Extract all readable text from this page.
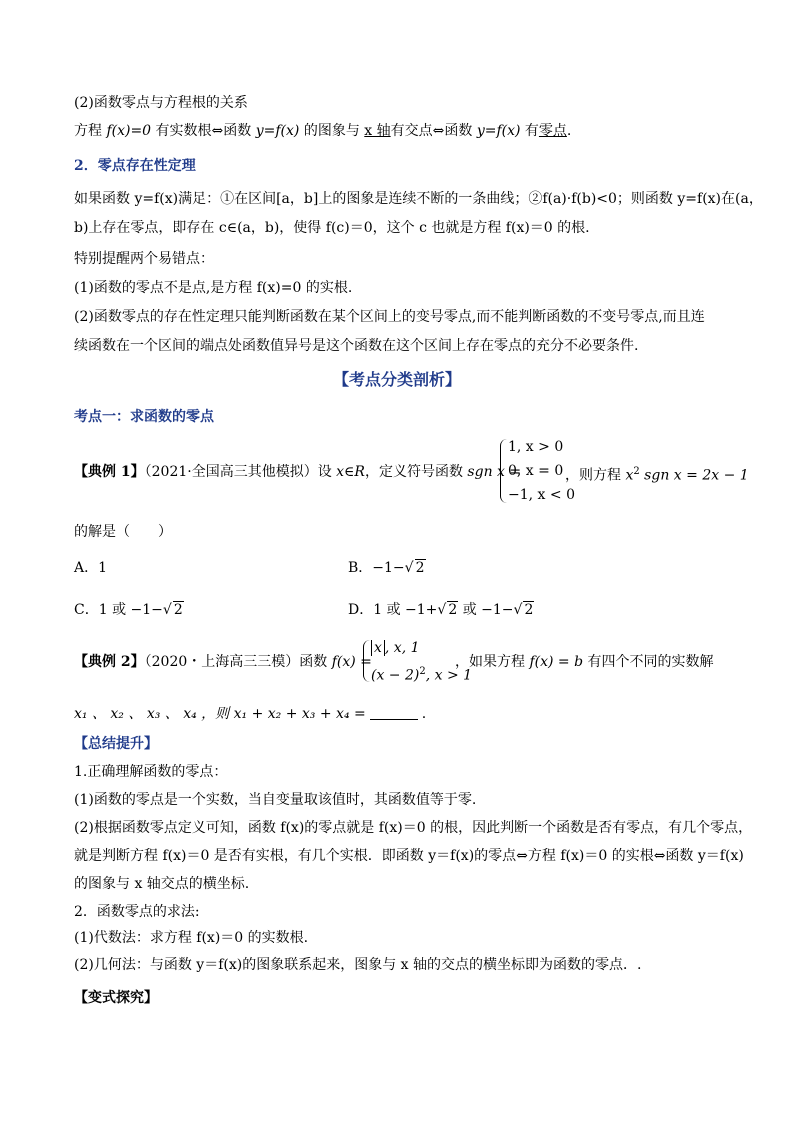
(2)函数零点与方程根的关系
方程 f(x)=0 有实数根⇔函数 y=f(x) 的图象与 x 轴有交点⇔函数 y=f(x) 有零点.
2．零点存在性定理
如果函数 y=f(x)满足：①在区间[a，b]上的图象是连续不断的一条曲线；②f(a)·f(b)<0；则函数 y=f(x)在(a，
b)上存在零点，即存在 c∈(a，b)，使得 f(c)＝0，这个 c 也就是方程 f(x)＝0 的根.
特别提醒两个易错点：
(1)函数的零点不是点,是方程 f(x)=0 的实根.
(2)函数零点的存在性定理只能判断函数在某个区间上的变号零点,而不能判断函数的不变号零点,而且连
续函数在一个区间的端点处函数值异号是这个函数在这个区间上存在零点的充分不必要条件.
【考点分类剖析】
考点一：求函数的零点
【典例 1】（2021·全国高三其他模拟）设 x∈R，定义符号函数 sgn x =
1, x > 0
0, x = 0
−1, x < 0
，则方程 $x^2$ sgn x = 2x − 1
的解是（　　）
A．1	B．−1−√ 2
C．1 或 −1−√ 2	D．1 或 −1+√ 2 或 −1−√ 2
【典例 2】（2020・上海高三三模）函数 f(x) =
x , x, 1
$(x - 2)^2$, x > 1
，如果方程 f(x) = b 有四个不同的实数解
x₁ 、 x₂ 、 x₃ 、 x₄ ，则 x₁ + x₂ + x₃ + x₄ =	.
【总结提升】
1.正确理解函数的零点：
(1)函数的零点是一个实数，当自变量取该值时，其函数值等于零.
(2)根据函数零点定义可知，函数 f(x)的零点就是 f(x)＝0 的根，因此判断一个函数是否有零点，有几个零点，
就是判断方程 f(x)＝0 是否有实根，有几个实根．即函数 y＝f(x)的零点⇔方程 f(x)＝0 的实根⇔函数 y＝f(x)
的图象与 x 轴交点的横坐标.
2．函数零点的求法:
(1)代数法：求方程 f(x)＝0 的实数根.
(2)几何法：与函数 y＝f(x)的图象联系起来，图象与 x 轴的交点的横坐标即为函数的零点．.
【变式探究】
